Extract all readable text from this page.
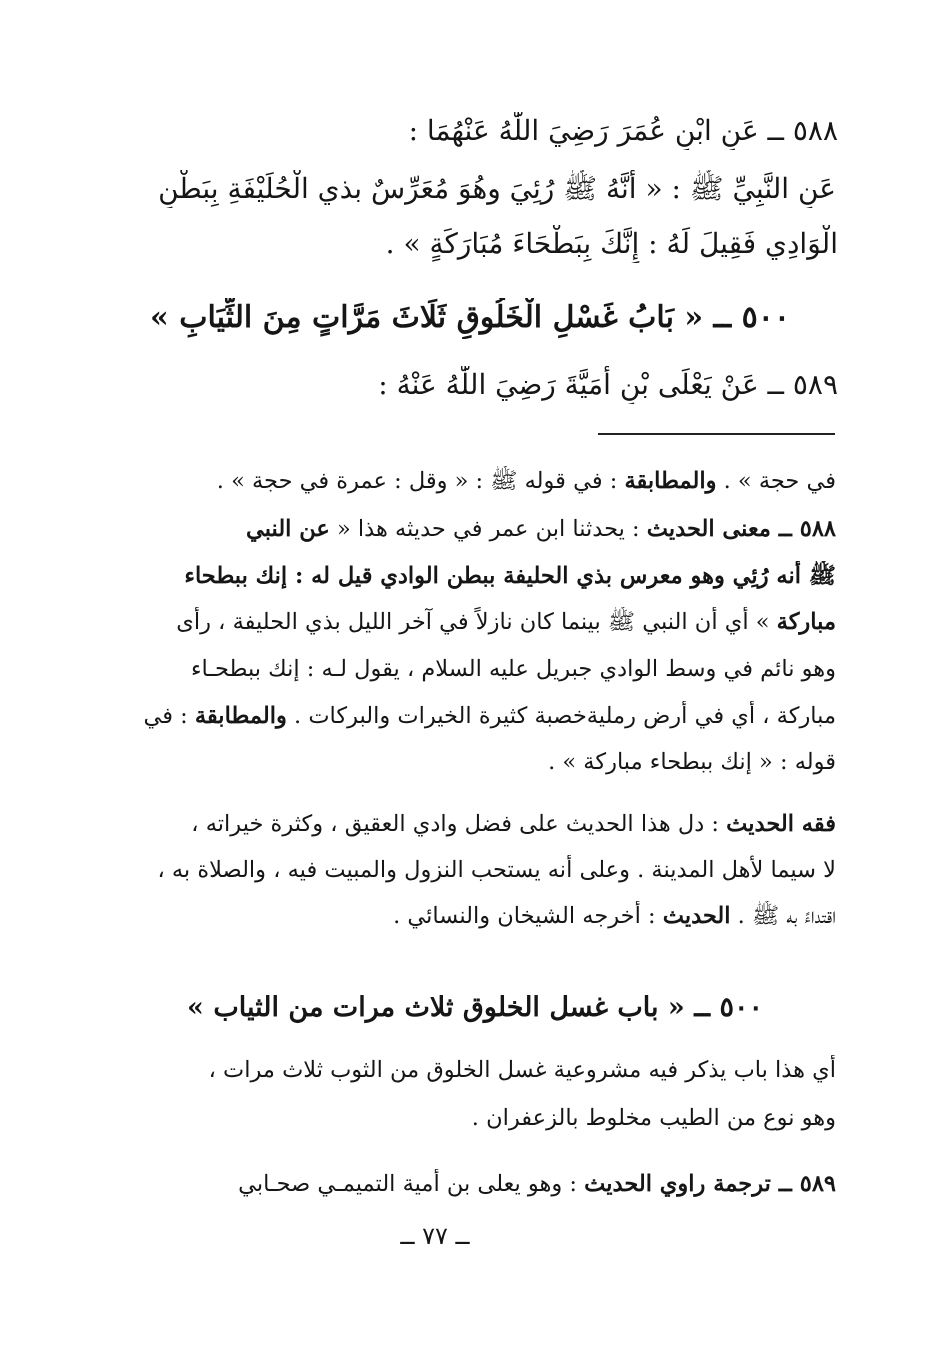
٥٨٨ ــ عَنِ ابْنِ عُمَرَ رَضِيَ اللّٰهُ عَنْهُمَا :
عَنِ النَّبِيِّ ﷺ : « أَنَّهُ ﷺ رُئِيَ وهُوَ مُعَرِّسٌ بذي الْحُلَيْفَةِ بِبَطْنِ
الْوَادِي فَقِيلَ لَهُ : إِنَّكَ بِبَطْحَاءَ مُبَارَكَةٍ » .
٥٠٠ ــ « بَابُ غَسْلِ الْخَلُوقِ ثَلَاثَ مَرَّاتٍ مِنَ الثِّيَابِ »
٥٨٩ ــ عَنْ يَعْلَى بْنِ أُمَيَّةَ رَضِيَ اللّٰهُ عَنْهُ :
في حجة » . والمطابقة : في قوله ﷺ : « وقل : عمرة في حجة » .
٥٨٨ ــ معنى الحديث : يحدثنا ابن عمر في حديثه هذا « عن النبي
ﷺ أنه رُئِي وهو معرس بذي الحليفة ببطن الوادي قيل له : إنك ببطحاء
مباركة » أي أن النبي ﷺ بينما كان نازلاً في آخر الليل بذي الحليفة ، رأى
وهو نائم في وسط الوادي جبريل عليه السلام ، يقول لـه : إنك ببطحـاء
مباركة ، أي في أرض رمليةخصبة كثيرة الخيرات والبركات . والمطابقة : في
قوله : « إنك ببطحاء مباركة » .
فقه الحديث : دل هذا الحديث على فضل وادي العقيق ، وكثرة خيراته ،
لا سيما لأهل المدينة . وعلى أنه يستحب النزول والمبيت فيه ، والصلاة به ،
اقتداءً به ﷺ . الحديث : أخرجه الشيخان والنسائي .
٥٠٠ ــ « باب غسل الخلوق ثلاث مرات من الثياب »
أي هذا باب يذكر فيه مشروعية غسل الخلوق من الثوب ثلاث مرات ،
وهو نوع من الطيب مخلوط بالزعفران .
٥٨٩ ــ ترجمة راوي الحديث : وهو يعلى بن أمية التميمـي صحـابي
ــ ٧٧ ــ
